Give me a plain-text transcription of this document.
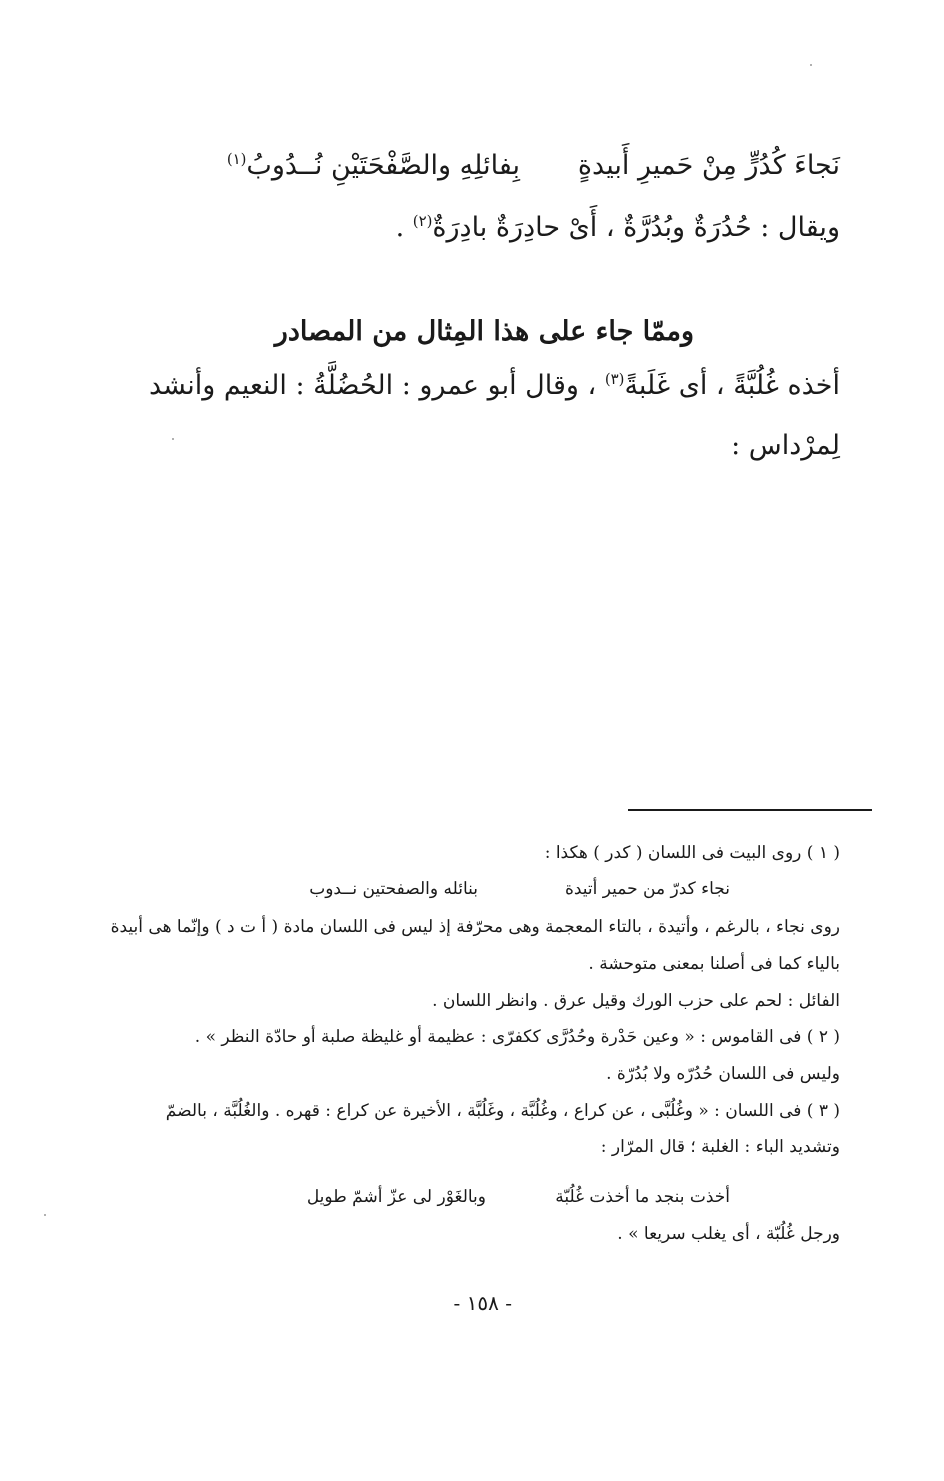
نَجاءَ كُدُرٍّ مِنْ حَميرِ أَبيدةٍ
بِفائلِهِ والصَّفْحَتَيْنِ نُــدُوبُ$^{(١)}$
ويقال : حُدُرَةٌ وبُدُرَّةٌ ، أَىْ حادِرَةٌ بادِرَةٌ$^{(٢)}$ .
وممّا جاء على هذا المِثال من المصادر
أخذه غُلُبَّةً ، أى غَلَبةً$^{(٣)}$ ، وقال أبو عمرو : الحُضُلَّةُ : النعيم وأنشد
لِمرْداس :
( ١ ) روى البيت فى اللسان ( كدر ) هكذا :
نجاء كدرّ من حمير أتيدة
بنائله والصفحتين نــدوب
روى نجاء ، بالرغم ، وأتيدة ، بالتاء المعجمة وهى محرّفة إذ ليس فى اللسان مادة ( أ ت د ) وإنّما هى أبيدة
بالياء كما فى أصلنا بمعنى متوحشة .
الفائل : لحم على حزب الورك وقيل عرق . وانظر اللسان .
( ٢ ) فى القاموس : « وعين حَدْرة وحُدُرَّى ككفرّى : عظيمة أو غليظة صلبة أو حادّة النظر » .
وليس فى اللسان حُدُرّه ولا بُدُرّة .
( ٣ ) فى اللسان : « وغُلُبَّى ، عن كراع ، وغُلُبَّة ، وغَلُبَّة ، الأخيرة عن كراع : قهره . والغُلُبَّة ، بالضمّ
وتشديد الباء : الغلبة ؛ قال المرّار :
أخذت بنجد ما أخذت غُلُبّة
وبالغَوْر لى عزّ أشمّ طويل
ورجل غُلُبّة ، أى يغلب سريعا » .
- ١٥٨ -
